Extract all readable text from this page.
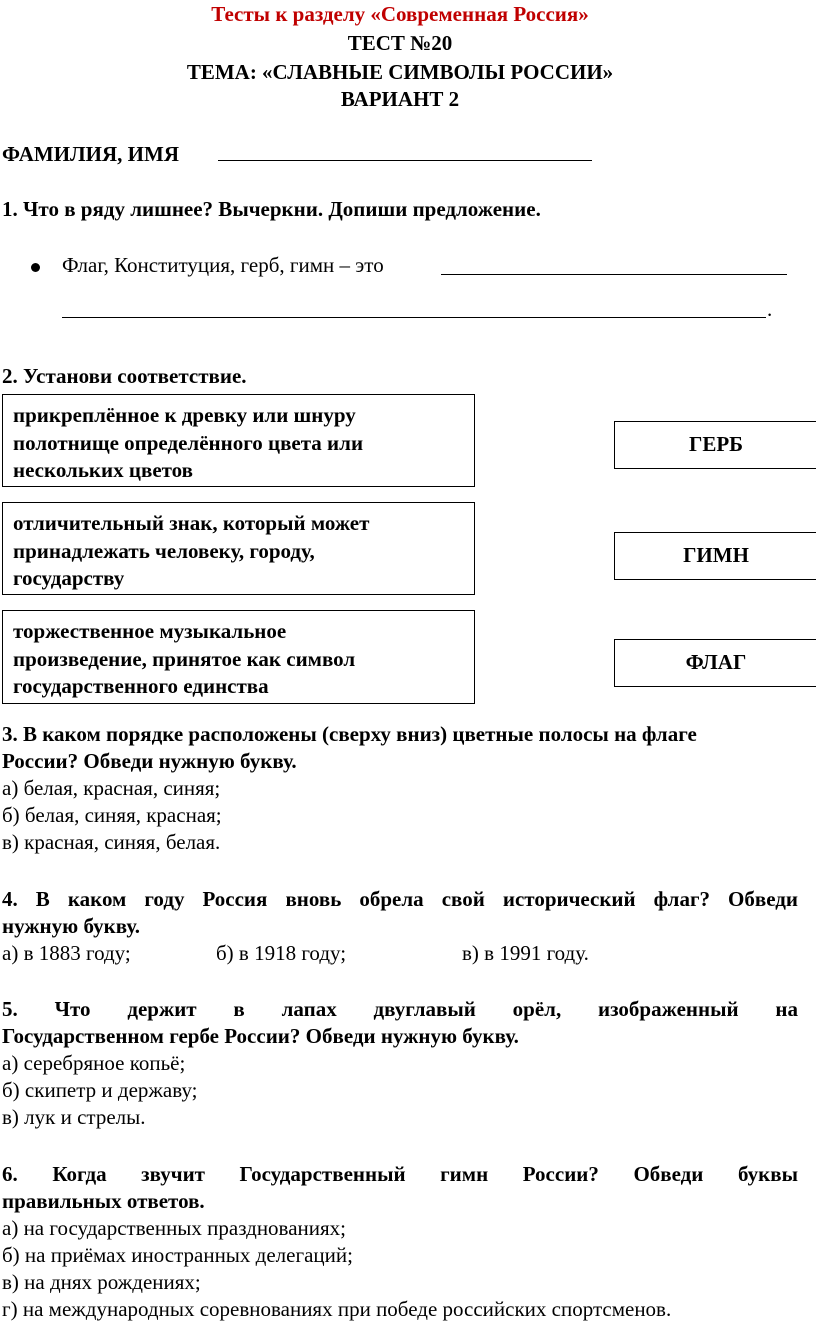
Тесты к разделу «Современная Россия»
ТЕСТ №20
ТЕМА: «СЛАВНЫЕ СИМВОЛЫ РОССИИ»
ВАРИАНТ 2
ФАМИЛИЯ, ИМЯ
1. Что в ряду лишнее? Вычеркни. Допиши предложение.
Флаг, Конституция, герб, гимн – это
.
2. Установи соответствие.
прикреплённое к древку или шнуру
полотнище определённого цвета или
нескольких цветов
отличительный знак, который может
принадлежать человеку, городу,
государству
торжественное музыкальное
произведение, принятое как символ
государственного единства
ГЕРБ
ГИМН
ФЛАГ
3. В каком порядке расположены (сверху вниз) цветные полосы на флаге
России? Обведи нужную букву.
а) белая, красная, синяя;
б) белая, синяя, красная;
в) красная, синяя, белая.
4. В каком году Россия вновь обрела свой исторический флаг? Обведи
нужную букву.
а) в 1883 году;	б) в 1918 году;	в) в 1991 году.
5. Что держит в лапах двуглавый орёл, изображенный на
Государственном гербе России? Обведи нужную букву.
а) серебряное копьё;
б) скипетр и державу;
в) лук и стрелы.
6. Когда звучит Государственный гимн России? Обведи буквы
правильных ответов.
а) на государственных празднованиях;
б) на приёмах иностранных делегаций;
в) на днях рождениях;
г) на международных соревнованиях при победе российских спортсменов.
